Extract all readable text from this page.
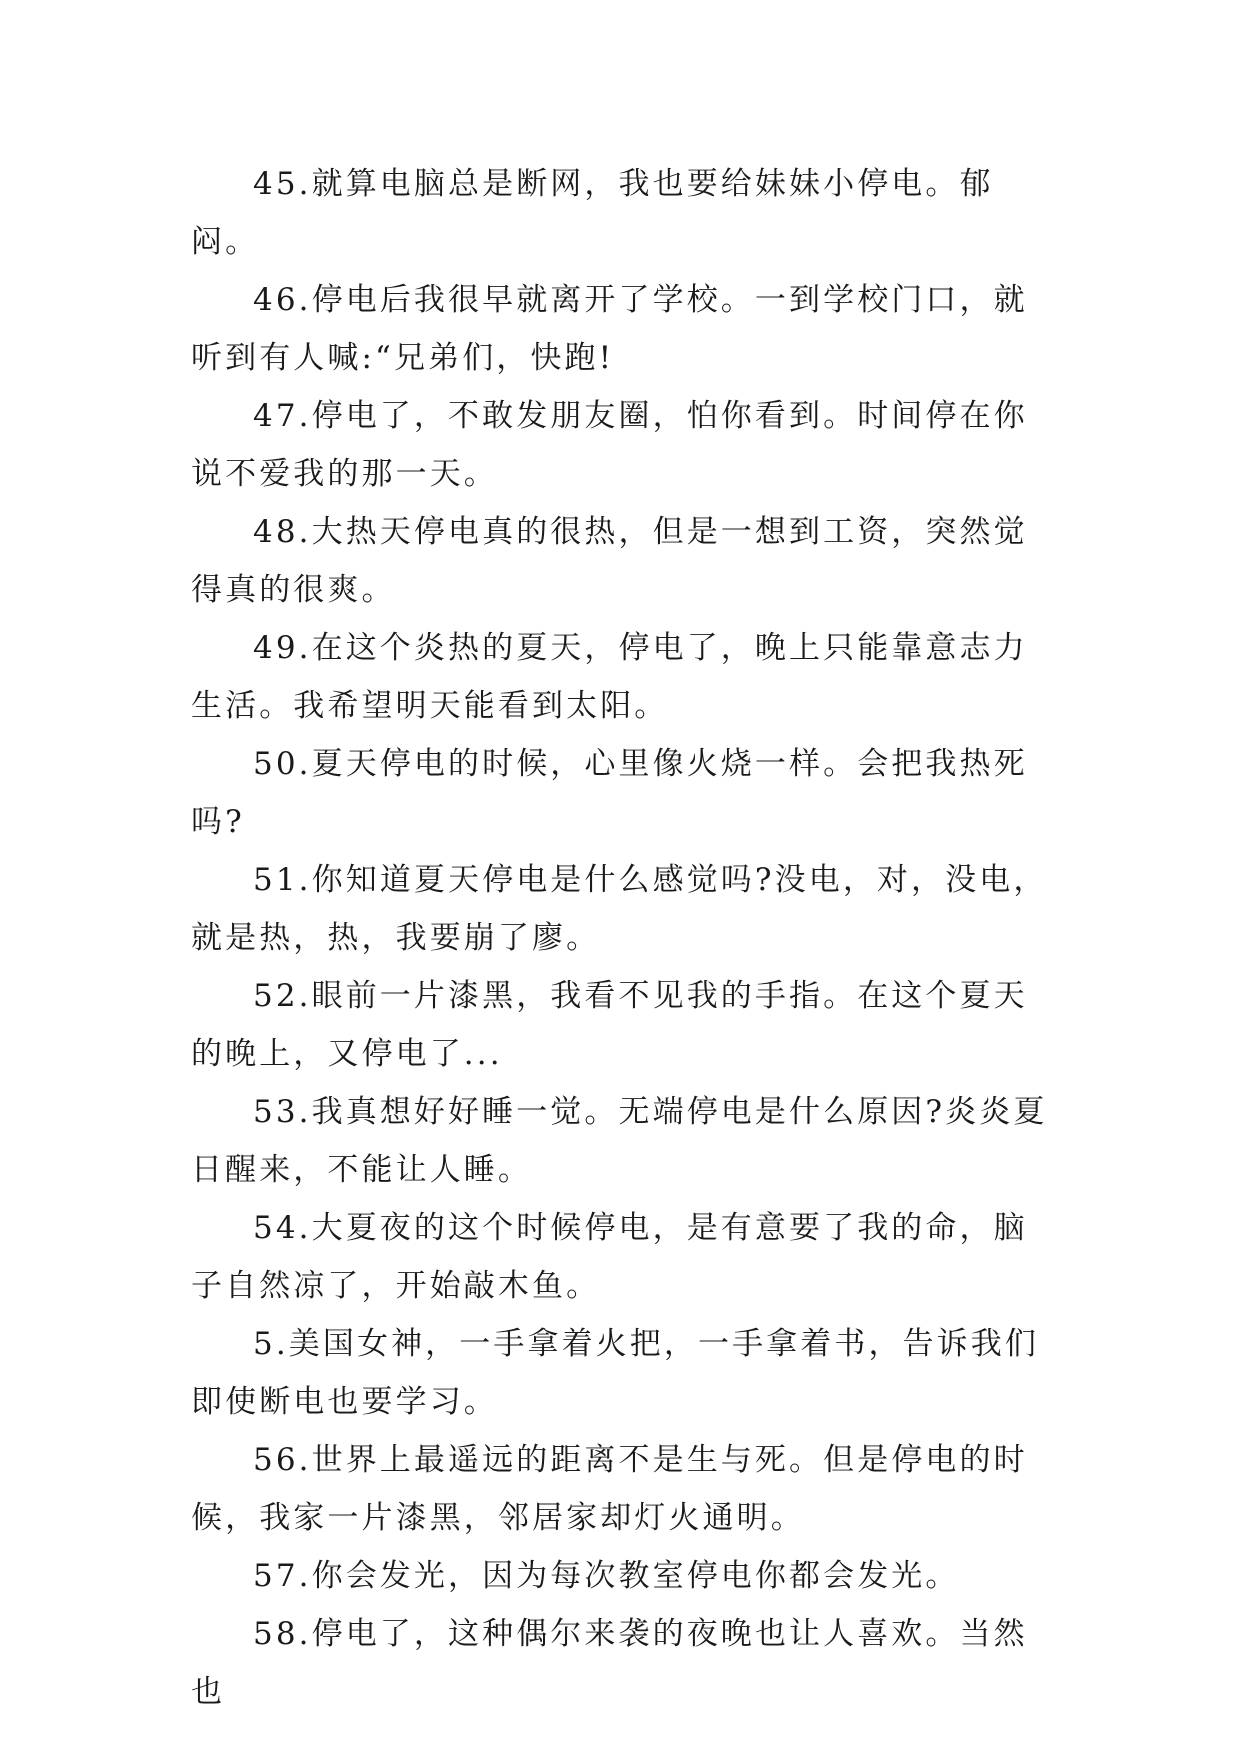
45.就算电脑总是断网，我也要给妹妹小停电。郁闷。

46.停电后我很早就离开了学校。一到学校门口，就听到有人喊:“兄弟们，快跑!

47.停电了，不敢发朋友圈，怕你看到。时间停在你说不爱我的那一天。

48.大热天停电真的很热，但是一想到工资，突然觉得真的很爽。

49.在这个炎热的夏天，停电了，晚上只能靠意志力生活。我希望明天能看到太阳。

50.夏天停电的时候，心里像火烧一样。会把我热死吗?

51.你知道夏天停电是什么感觉吗?没电，对，没电，就是热，热，我要崩了廖。

52.眼前一片漆黑，我看不见我的手指。在这个夏天的晚上，又停电了...

53.我真想好好睡一觉。无端停电是什么原因?炎炎夏日醒来，不能让人睡。

54.大夏夜的这个时候停电，是有意要了我的命，脑子自然凉了，开始敲木鱼。

5.美国女神，一手拿着火把，一手拿着书，告诉我们即使断电也要学习。

56.世界上最遥远的距离不是生与死。但是停电的时候，我家一片漆黑，邻居家却灯火通明。

57.你会发光，因为每次教室停电你都会发光。

58.停电了，这种偶尔来袭的夜晚也让人喜欢。当然也
